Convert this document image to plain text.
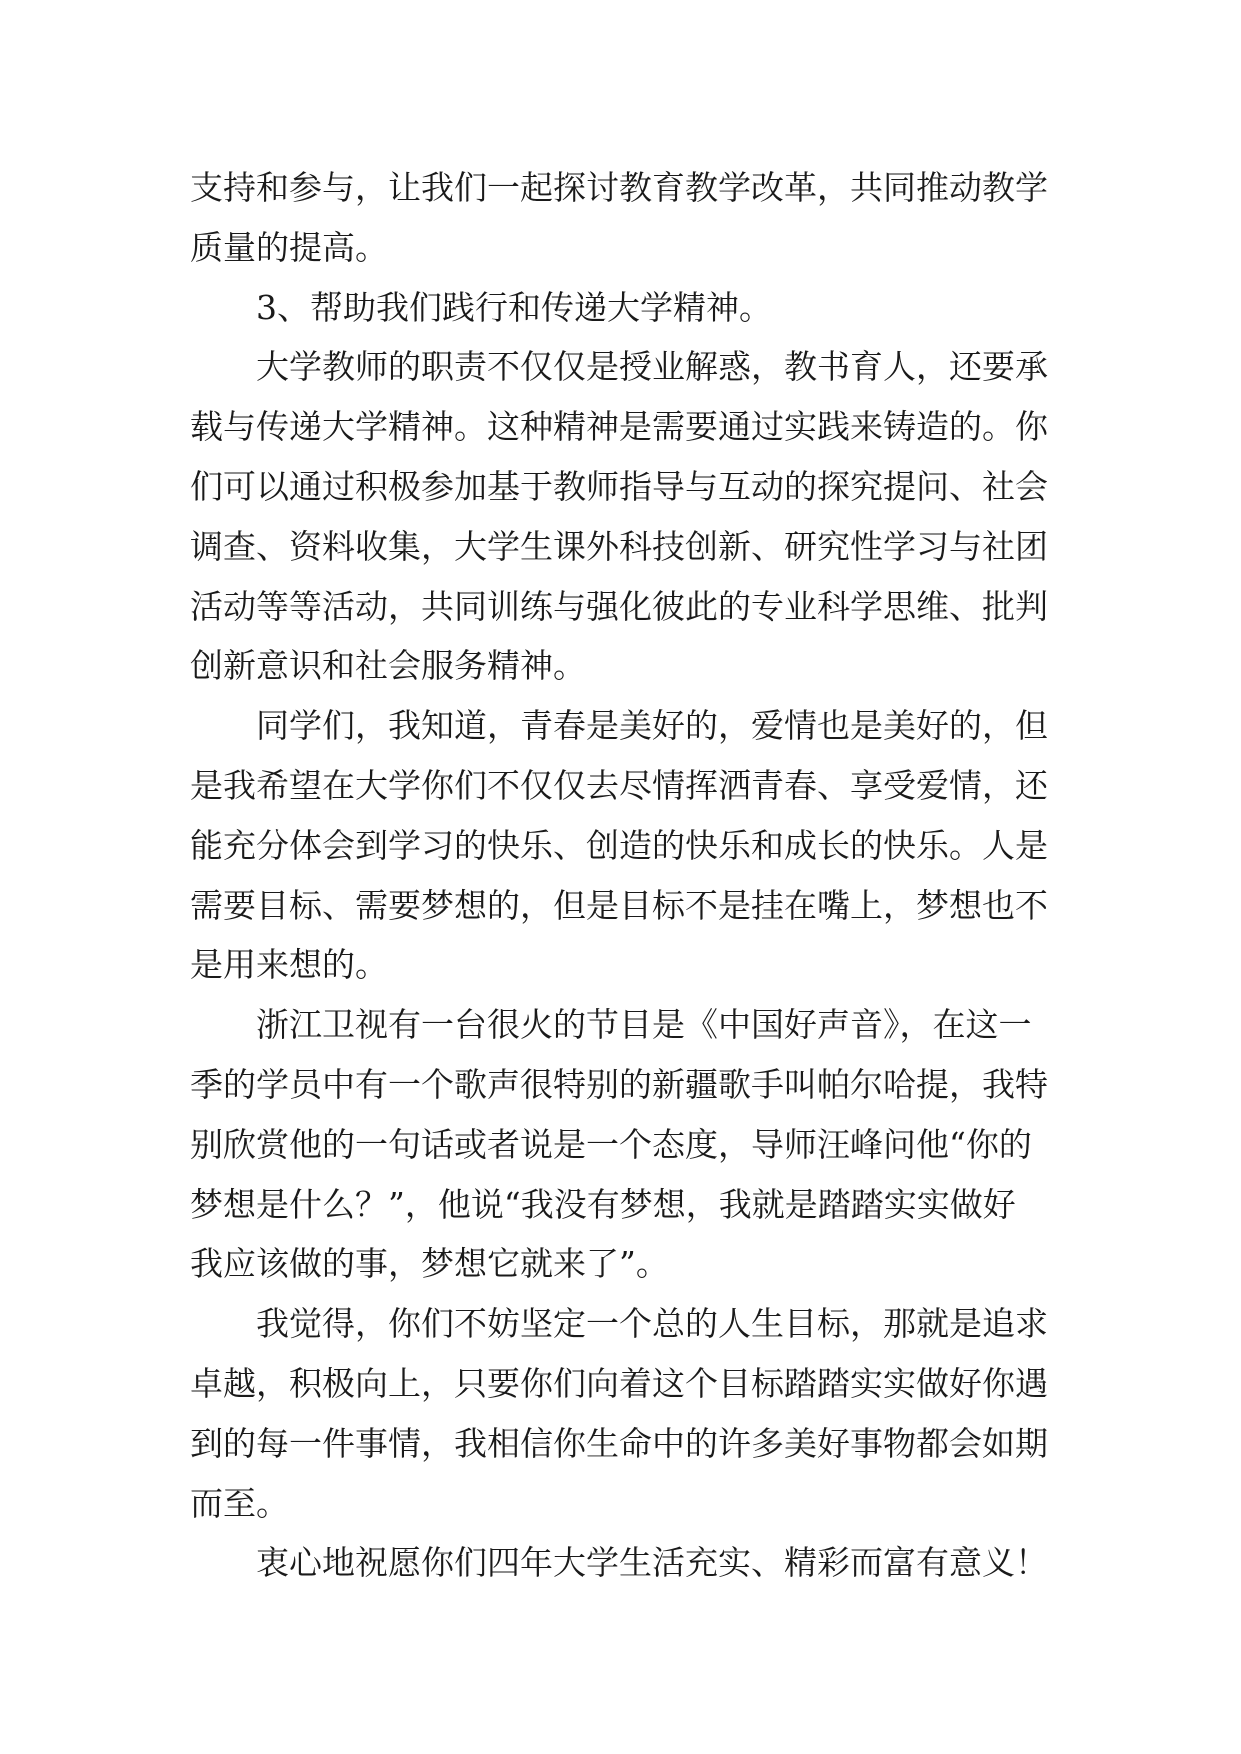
支持和参与，让我们一起探讨教育教学改革，共同推动教学
质量的提高。
3、帮助我们践行和传递大学精神。
大学教师的职责不仅仅是授业解惑，教书育人，还要承
载与传递大学精神。这种精神是需要通过实践来铸造的。你
们可以通过积极参加基于教师指导与互动的探究提问、社会
调查、资料收集，大学生课外科技创新、研究性学习与社团
活动等等活动，共同训练与强化彼此的专业科学思维、批判
创新意识和社会服务精神。
同学们，我知道，青春是美好的，爱情也是美好的，但
是我希望在大学你们不仅仅去尽情挥洒青春、享受爱情，还
能充分体会到学习的快乐、创造的快乐和成长的快乐。人是
需要目标、需要梦想的，但是目标不是挂在嘴上，梦想也不
是用来想的。
浙江卫视有一台很火的节目是《中国好声音》，在这一
季的学员中有一个歌声很特别的新疆歌手叫帕尔哈提，我特
别欣赏他的一句话或者说是一个态度，导师汪峰问他“你的
梦想是什么？”，他说“我没有梦想，我就是踏踏实实做好
我应该做的事，梦想它就来了”。
我觉得，你们不妨坚定一个总的人生目标，那就是追求
卓越，积极向上，只要你们向着这个目标踏踏实实做好你遇
到的每一件事情，我相信你生命中的许多美好事物都会如期
而至。
衷心地祝愿你们四年大学生活充实、精彩而富有意义！
